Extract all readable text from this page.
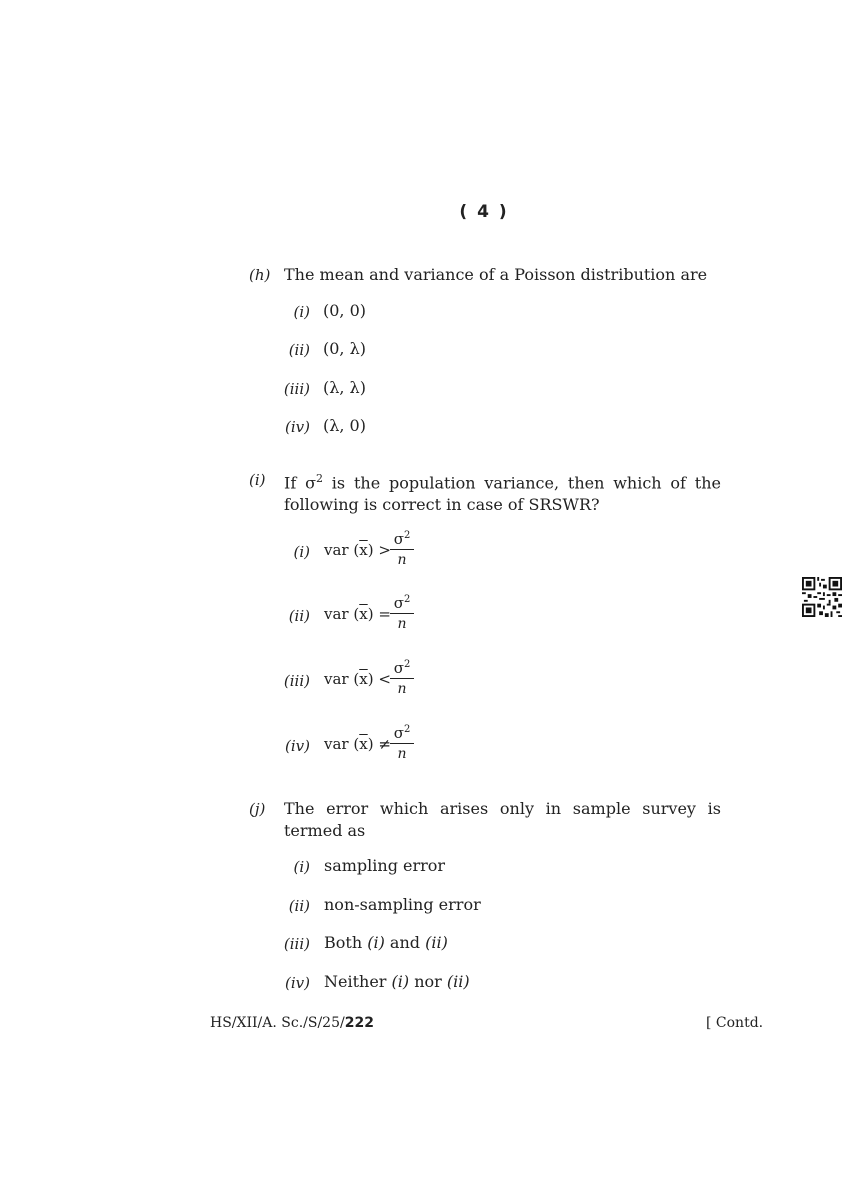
( 4 )
(h) The mean and variance of a Poisson distribution are
(i) (0, 0)
(ii) (0, λ)
(iii) (λ, λ)
(iv) (λ, 0)
(i) If $\sigma^2$ is the population variance, then which of the
following is correct in case of SRSWR?
(i) var $(\overline{x})$ >
$\sigma^2$
n
(ii) var $(\overline{x})$ =
$\sigma^2$
n
(iii) var $(\overline{x})$ <
$\sigma^2$
n
(iv) var $(\overline{x})$ ≠
$\sigma^2$
n
(j) The error which arises only in sample survey is
termed as
(i) sampling error
(ii) non-sampling error
(iii) Both (i) and (ii)
(iv) Neither (i) nor (ii)
HS/XII/A. Sc./S/25/222	[ Contd.
